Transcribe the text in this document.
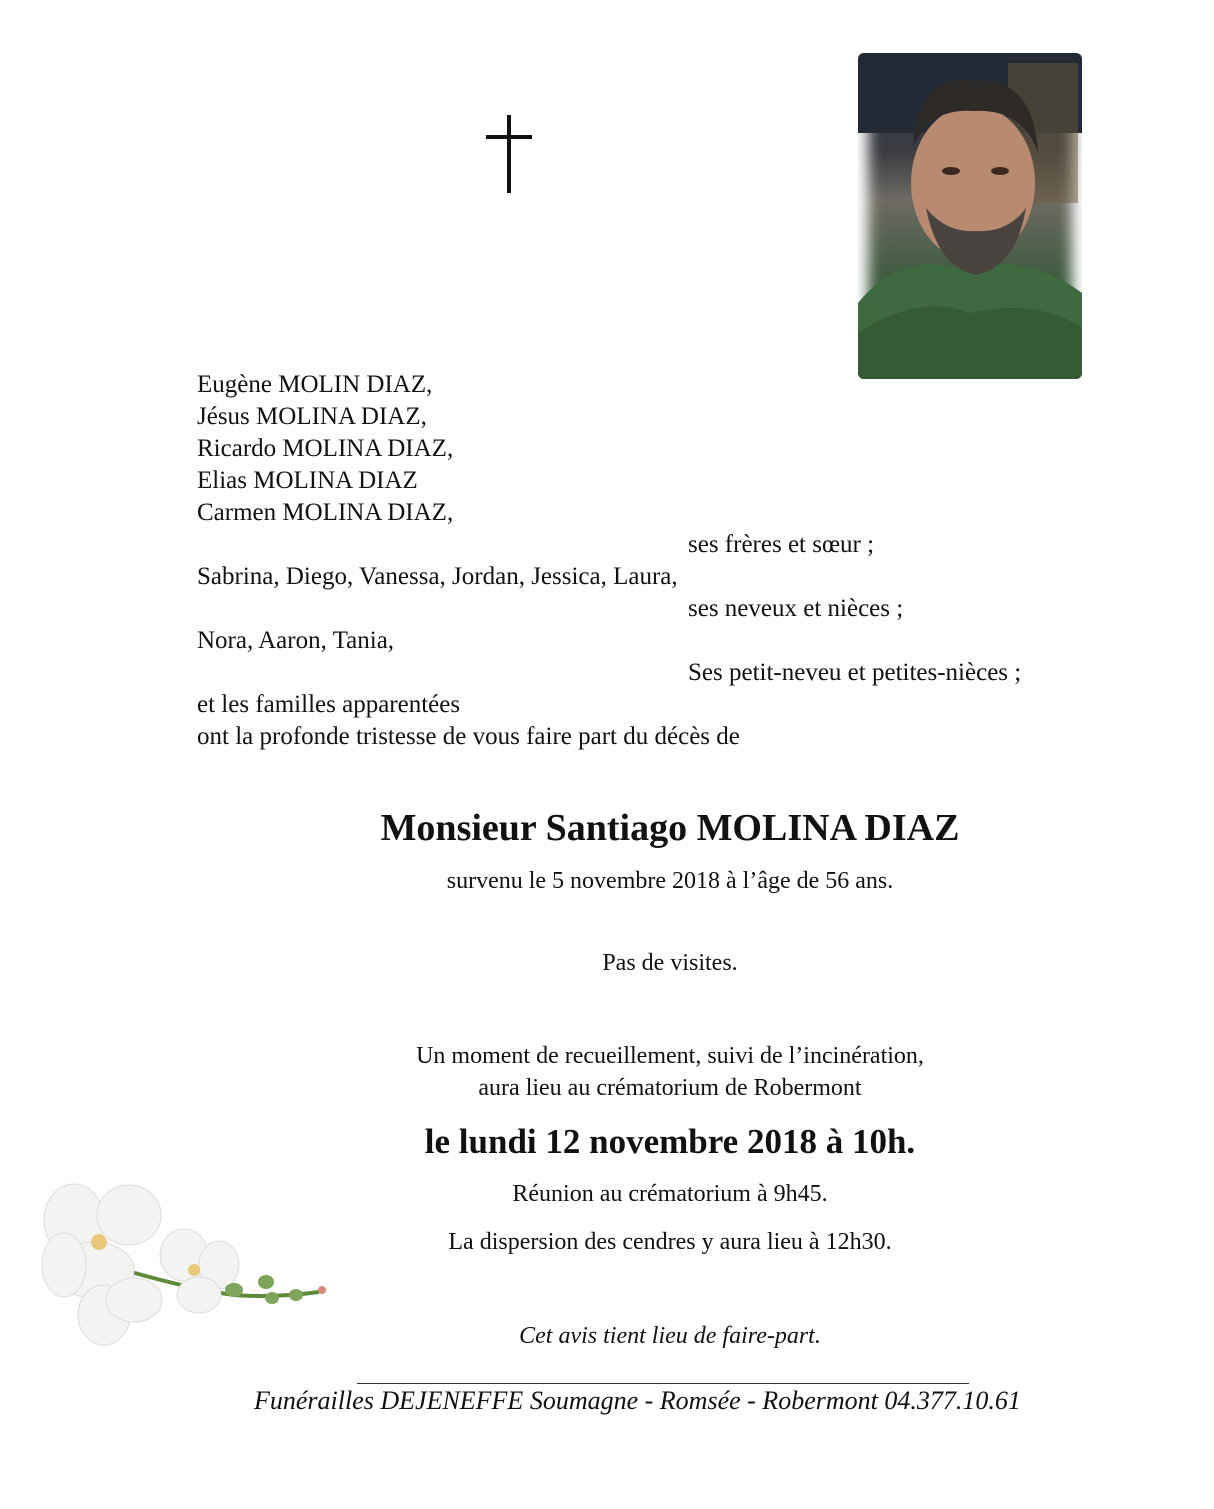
Eugène MOLIN DIAZ,
Jésus MOLINA DIAZ,
Ricardo MOLINA DIAZ,
Elias MOLINA DIAZ
Carmen MOLINA DIAZ,
ses frères et sœur ;
Sabrina, Diego, Vanessa, Jordan, Jessica, Laura,
ses neveux et nièces ;
Nora, Aaron, Tania,
Ses petit-neveu et petites-nièces ;
et les familles apparentées
ont la profonde tristesse de vous faire part du décès de
Monsieur Santiago MOLINA DIAZ
survenu le 5 novembre 2018 à l’âge de 56 ans.
Pas de visites.
Un moment de recueillement, suivi de l’incinération,
aura lieu au crématorium de Robermont
le lundi 12 novembre 2018 à 10h.
Réunion au crématorium à 9h45.
La dispersion des cendres y aura lieu à 12h30.
Cet avis tient lieu de faire-part.
Funérailles DEJENEFFE Soumagne - Romsée - Robermont 04.377.10.61
